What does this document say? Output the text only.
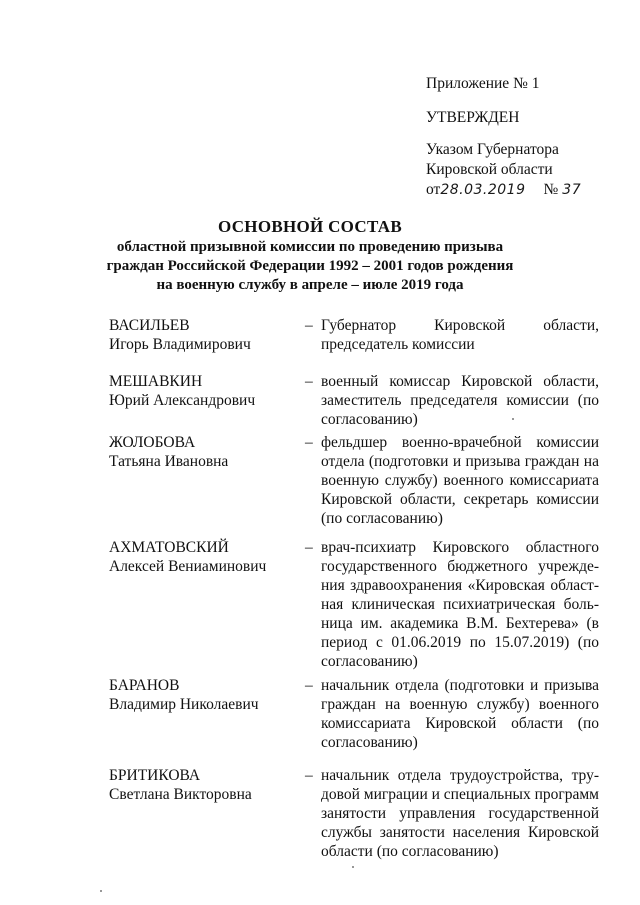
Приложение № 1
УТВЕРЖДЕН
Указом Губернатора
Кировской области
от 28.03.2019 № 37
ОСНОВНОЙ СОСТАВ
областной призывной комиссии по проведению призыва
граждан Российской Федерации 1992 – 2001 годов рождения
на военную службу в апреле – июле 2019 года
ВАСИЛЬЕВ
Игорь Владимирович
– Губернатор Кировской области, председатель комиссии
МЕШАВКИН
Юрий Александрович
– военный комиссар Кировской области, заместитель председателя комиссии (по согласованию)
ЖОЛОБОВА
Татьяна Ивановна
– фельдшер военно-врачебной комиссии отдела (подготовки и призыва граждан на военную службу) военного комиссариата Кировской области, секретарь комиссии (по согласованию)
АХМАТОВСКИЙ
Алексей Вениаминович
– врач-психиатр Кировского областного государственного бюджетного учрежде-ния здравоохранения «Кировская област-ная клиническая психиатрическая боль-ница им. академика В.М. Бехтерева» (в период с 01.06.2019 по 15.07.2019) (по согласованию)
БАРАНОВ
Владимир Николаевич
– начальник отдела (подготовки и призыва граждан на военную службу) военного комиссариата Кировской области (по согласованию)
БРИТИКОВА
Светлана Викторовна
– начальник отдела трудоустройства, тру-довой миграции и специальных программ занятости управления государственной службы занятости населения Кировской области (по согласованию)
